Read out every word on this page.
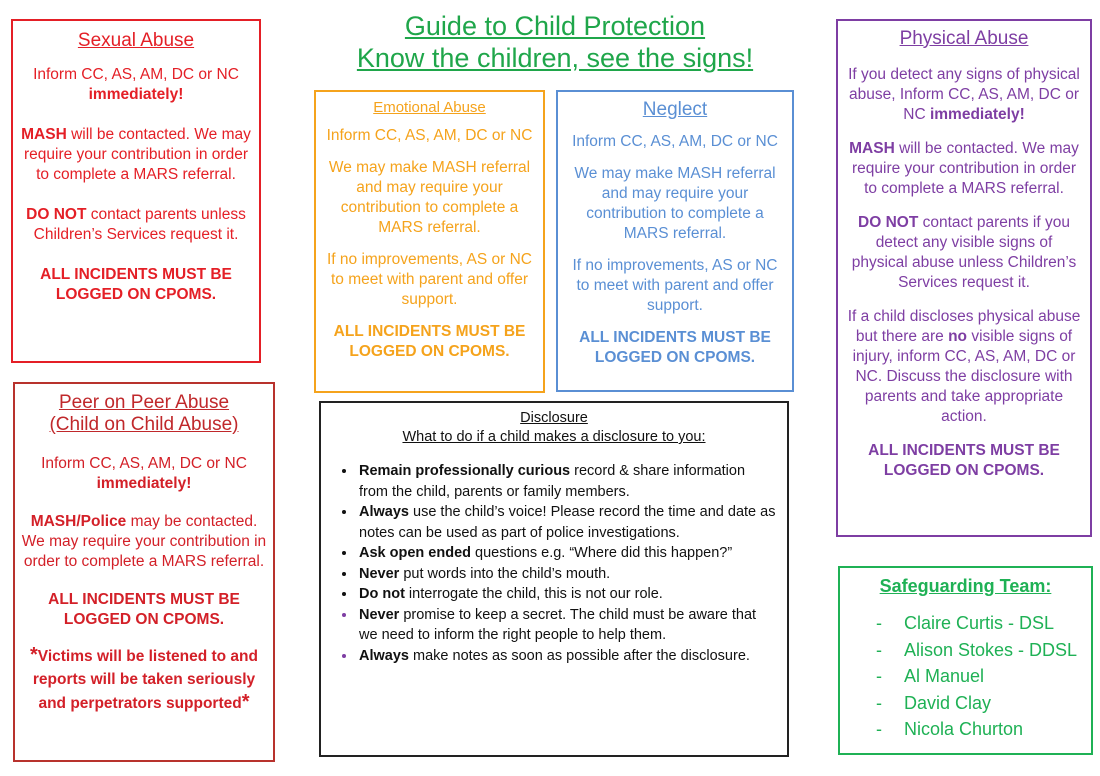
Guide to Child Protection
Know the children, see the signs!

Sexual Abuse

Inform CC, AS, AM, DC or NC
immediately!

MASH will be contacted. We may require your contribution in order to complete a MARS referral.

DO NOT contact parents unless Children’s Services request it.

ALL INCIDENTS MUST BE LOGGED ON CPOMS.

Peer on Peer Abuse

(Child on Child Abuse)

Inform CC, AS, AM, DC or NC
immediately!

MASH/Police may be contacted.

We may require your contribution in order to complete a MARS referral.

ALL INCIDENTS MUST BE LOGGED ON CPOMS.

*Victims will be listened to and
reports will be taken seriously
and perpetrators supported*

Emotional Abuse

Inform CC, AS, AM, DC or NC

We may make MASH referral and may require your contribution to complete a MARS referral.

If no improvements, AS or NC to meet with parent and offer support.

ALL INCIDENTS MUST BE LOGGED ON CPOMS.

Neglect

Inform CC, AS, AM, DC or NC

We may make MASH referral and may require your contribution to complete a MARS referral.

If no improvements, AS or NC to meet with parent and offer support.

ALL INCIDENTS MUST BE LOGGED ON CPOMS.

Physical Abuse

If you detect any signs of physical abuse, Inform CC, AS, AM, DC or NC immediately!

MASH will be contacted. We may require your contribution in order to complete a MARS referral.

DO NOT contact parents if you detect any visible signs of physical abuse unless Children’s Services request it.

If a child discloses physical abuse but there are no visible signs of injury, inform CC, AS, AM, DC or NC. Discuss the disclosure with parents and take appropriate action.

ALL INCIDENTS MUST BE LOGGED ON CPOMS.

Disclosure

What to do if a child makes a disclosure to you:

• Remain professionally curious record & share information from the child, parents or family members.
• Always use the child’s voice! Please record the time and date as notes can be used as part of police investigations.
• Ask open ended questions e.g. “Where did this happen?”
• Never put words into the child’s mouth.
• Do not interrogate the child, this is not our role.
• Never promise to keep a secret. The child must be aware that we need to inform the right people to help them.
• Always make notes as soon as possible after the disclosure.

Safeguarding Team:

- Claire Curtis - DSL
- Alison Stokes - DDSL
- Al Manuel
- David Clay
- Nicola Churton
